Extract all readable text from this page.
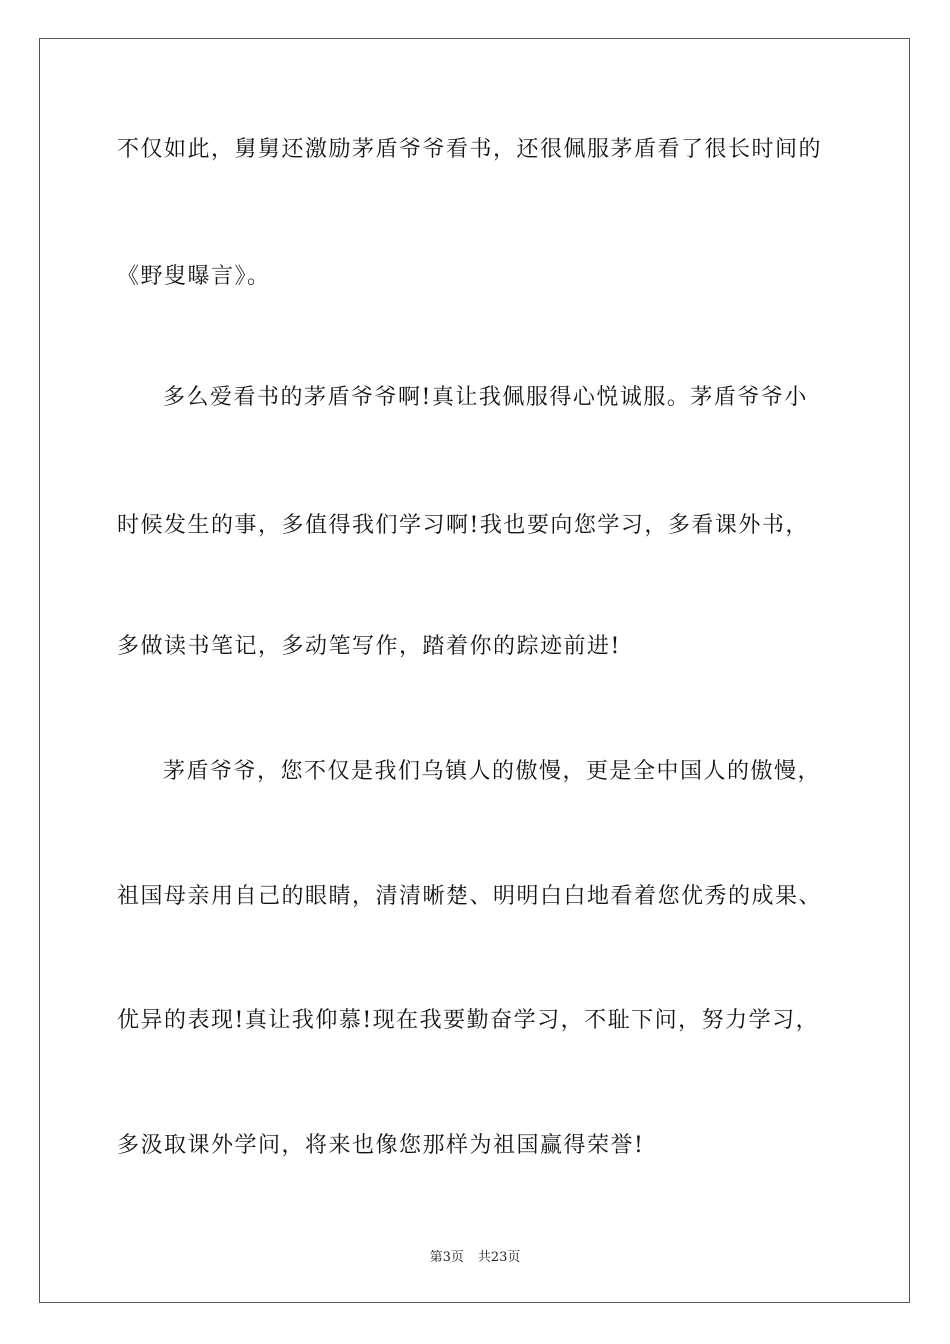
不仅如此，舅舅还激励茅盾爷爷看书，还很佩服茅盾看了很长时间的
《野叟曝言》。
多么爱看书的茅盾爷爷啊!真让我佩服得心悦诚服。茅盾爷爷小
时候发生的事，多值得我们学习啊!我也要向您学习，多看课外书，
多做读书笔记，多动笔写作，踏着你的踪迹前进!
茅盾爷爷，您不仅是我们乌镇人的傲慢，更是全中国人的傲慢，
祖国母亲用自己的眼睛，清清晰楚、明明白白地看着您优秀的成果、
优异的表现!真让我仰慕!现在我要勤奋学习，不耻下问，努力学习，
多汲取课外学问，将来也像您那样为祖国赢得荣誉!
第3页 共23页
